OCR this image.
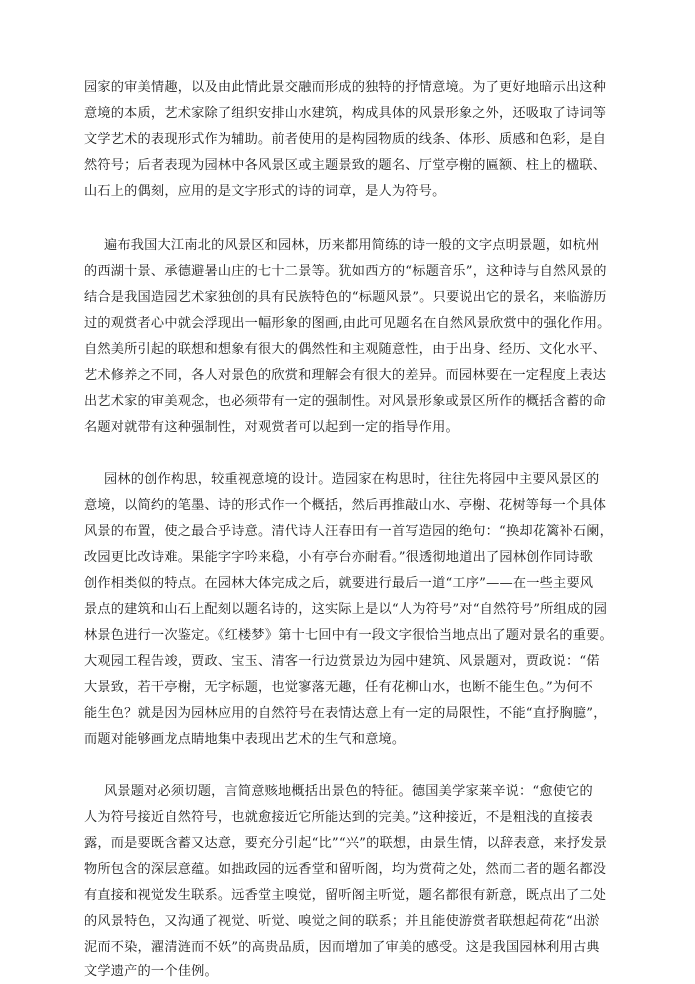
园家的审美情趣，以及由此情此景交融而形成的独特的抒情意境。为了更好地暗示出这种
意境的本质，艺术家除了组织安排山水建筑，构成具体的风景形象之外，还吸取了诗词等
文学艺术的表现形式作为辅助。前者使用的是构园物质的线条、体形、质感和色彩，是自
然符号；后者表现为园林中各风景区或主题景致的题名、厅堂亭榭的匾额、柱上的楹联、
山石上的偶刻，应用的是文字形式的诗的词章，是人为符号。
遍布我国大江南北的风景区和园林，历来都用简练的诗一般的文字点明景题，如杭州
的西湖十景、承德避暑山庄的七十二景等。犹如西方的“标题音乐”，这种诗与自然风景的
结合是我国造园艺术家独创的具有民族特色的“标题风景”。只要说出它的景名，来临游历
过的观赏者心中就会浮现出一幅形象的图画,由此可见题名在自然风景欣赏中的强化作用。
自然美所引起的联想和想象有很大的偶然性和主观随意性，由于出身、经历、文化水平、
艺术修养之不同，各人对景色的欣赏和理解会有很大的差异。而园林要在一定程度上表达
出艺术家的审美观念，也必须带有一定的强制性。对风景形象或景区所作的概括含蓄的命
名题对就带有这种强制性，对观赏者可以起到一定的指导作用。
园林的创作构思，较重视意境的设计。造园家在构思时，往往先将园中主要风景区的
意境，以简约的笔墨、诗的形式作一个概括，然后再推敲山水、亭榭、花树等每一个具体
风景的布置，使之最合乎诗意。清代诗人汪春田有一首写造园的绝句：“换却花篱补石阑，
改园更比改诗难。果能字字吟来稳，小有亭台亦耐看。”很透彻地道出了园林创作同诗歌
创作相类似的特点。在园林大体完成之后，就要进行最后一道“工序”——在一些主要风
景点的建筑和山石上配刻以题名诗的，这实际上是以“人为符号”对“自然符号”所组成的园
林景色进行一次鉴定。《红楼梦》第十七回中有一段文字很恰当地点出了题对景名的重要。
大观园工程告竣，贾政、宝玉、清客一行边赏景边为园中建筑、风景题对，贾政说：“偌
大景致，若干亭榭，无字标题，也觉寥落无趣，任有花柳山水，也断不能生色。”为何不
能生色？就是因为园林应用的自然符号在表情达意上有一定的局限性，不能“直抒胸臆”，
而题对能够画龙点睛地集中表现出艺术的生气和意境。
风景题对必须切题，言简意赅地概括出景色的特征。德国美学家莱辛说：“愈使它的
人为符号接近自然符号，也就愈接近它所能达到的完美。”这种接近，不是粗浅的直接表
露，而是要既含蓄又达意，要充分引起“比”“兴”的联想，由景生情，以辞表意，来抒发景
物所包含的深层意蕴。如拙政园的远香堂和留听阁，均为赏荷之处，然而二者的题名都没
有直接和视觉发生联系。远香堂主嗅觉，留听阁主听觉，题名都很有新意，既点出了二处
的风景特色，又沟通了视觉、听觉、嗅觉之间的联系；并且能使游赏者联想起荷花“出淤
泥而不染，濯清涟而不妖”的高贵品质，因而增加了审美的感受。这是我国园林利用古典
文学遗产的一个佳例。
